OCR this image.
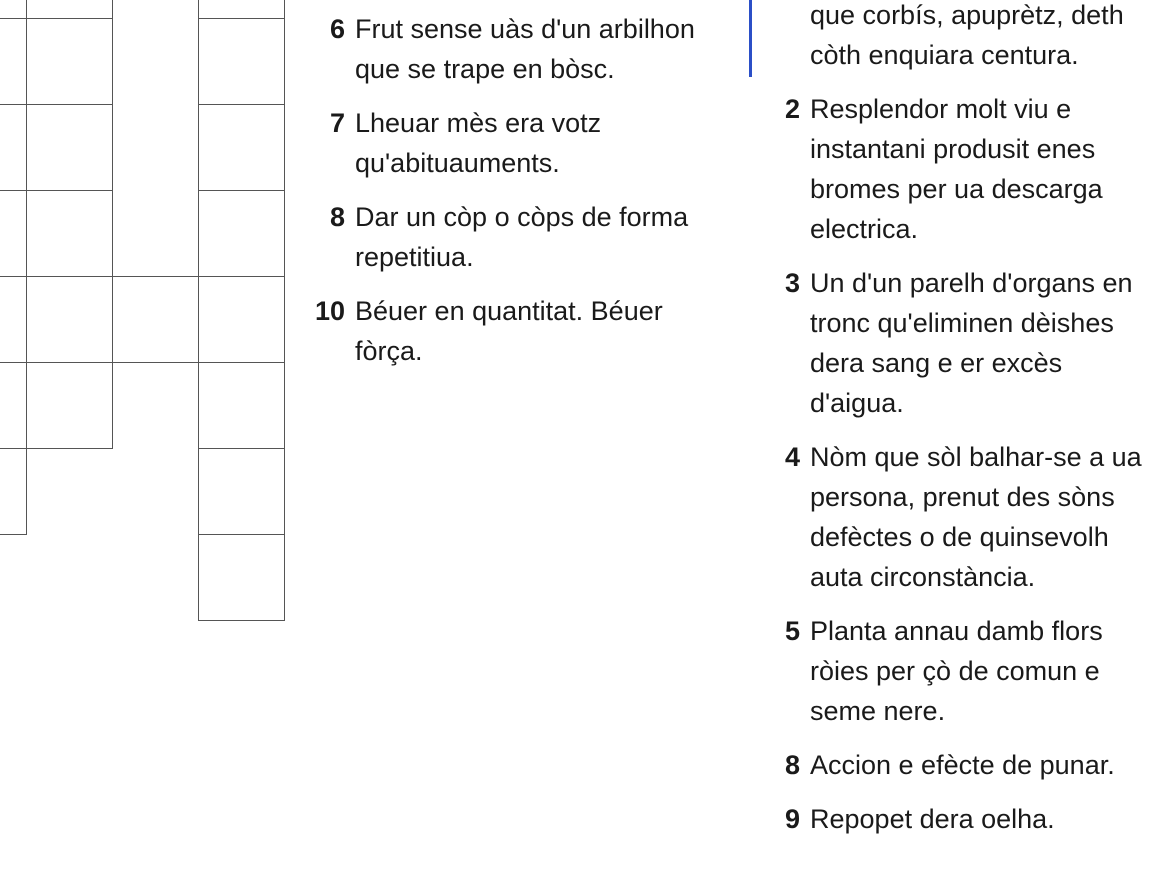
6 Frut sense uàs d'un arbilhon
que se trape en bòsc.
7 Lheuar mès era votz
qu'abituauments.
8 Dar un còp o còps de forma
repetitiua.
10 Béuer en quantitat. Béuer
fòrça.
que corbís, apuprètz, deth
còth enquiara centura.
2 Resplendor molt viu e
instantani produsit enes
bromes per ua descarga
electrica.
3 Un d'un parelh d'organs en
tronc qu'eliminen dèishes
dera sang e er excès
d'aigua.
4 Nòm que sòl balhar-se a ua
persona, prenut des sòns
defèctes o de quinsevolh
auta circonstància.
5 Planta annau damb flors
ròies per çò de comun e
seme nere.
8 Accion e efècte de punar.
9 Repopet dera oelha.
